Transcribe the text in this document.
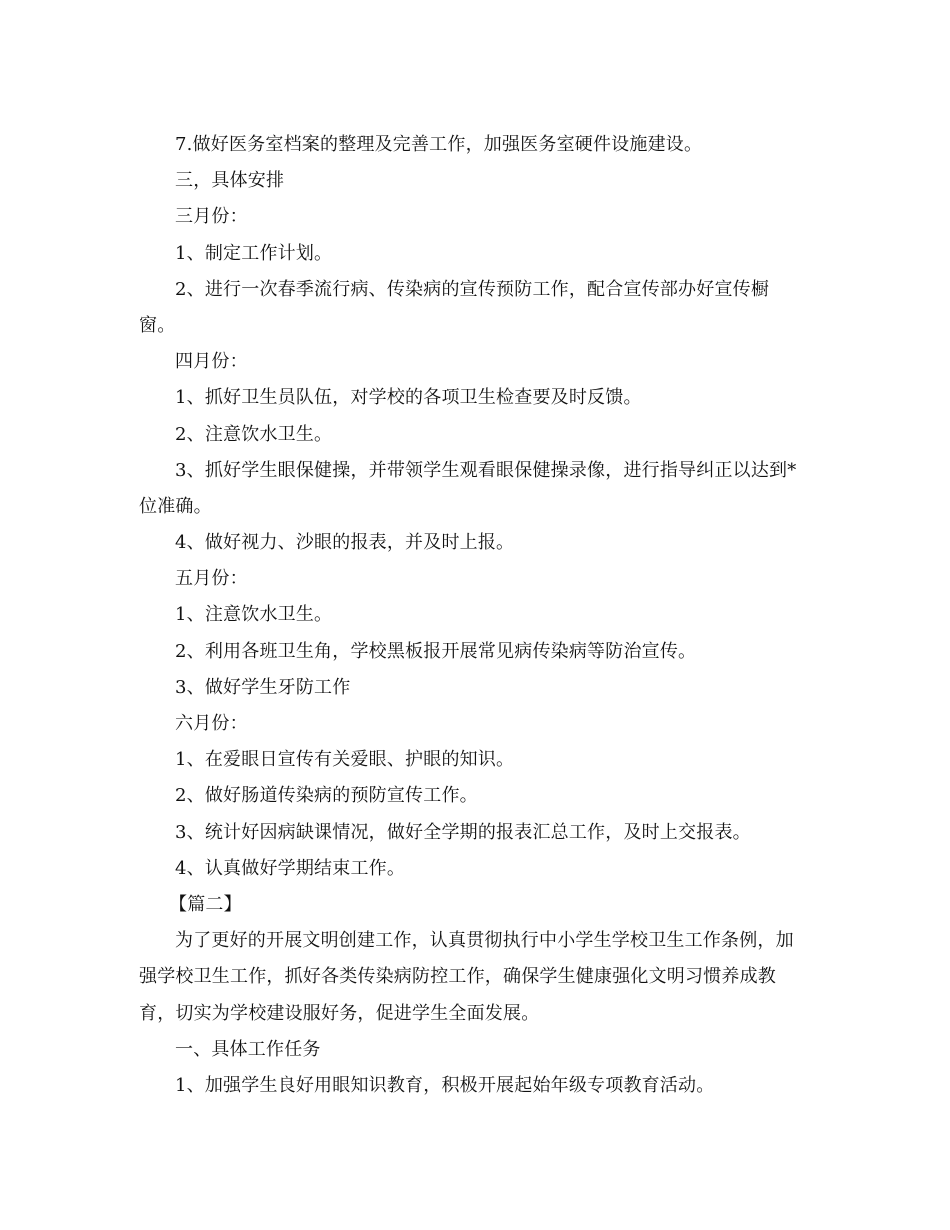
7.做好医务室档案的整理及完善工作，加强医务室硬件设施建设。
三，具体安排
三月份：
1、制定工作计划。
2、进行一次春季流行病、传染病的宣传预防工作，配合宣传部办好宣传橱
窗。
四月份：
1、抓好卫生员队伍，对学校的各项卫生检查要及时反馈。
2、注意饮水卫生。
3、抓好学生眼保健操，并带领学生观看眼保健操录像，进行指导纠正以达到*
位准确。
4、做好视力、沙眼的报表，并及时上报。
五月份：
1、注意饮水卫生。
2、利用各班卫生角，学校黑板报开展常见病传染病等防治宣传。
3、做好学生牙防工作
六月份：
1、在爱眼日宣传有关爱眼、护眼的知识。
2、做好肠道传染病的预防宣传工作。
3、统计好因病缺课情况，做好全学期的报表汇总工作，及时上交报表。
4、认真做好学期结束工作。
【篇二】
为了更好的开展文明创建工作，认真贯彻执行中小学生学校卫生工作条例，加
强学校卫生工作，抓好各类传染病防控工作，确保学生健康强化文明习惯养成教
育，切实为学校建设服好务，促进学生全面发展。
一、具体工作任务
1、加强学生良好用眼知识教育，积极开展起始年级专项教育活动。
